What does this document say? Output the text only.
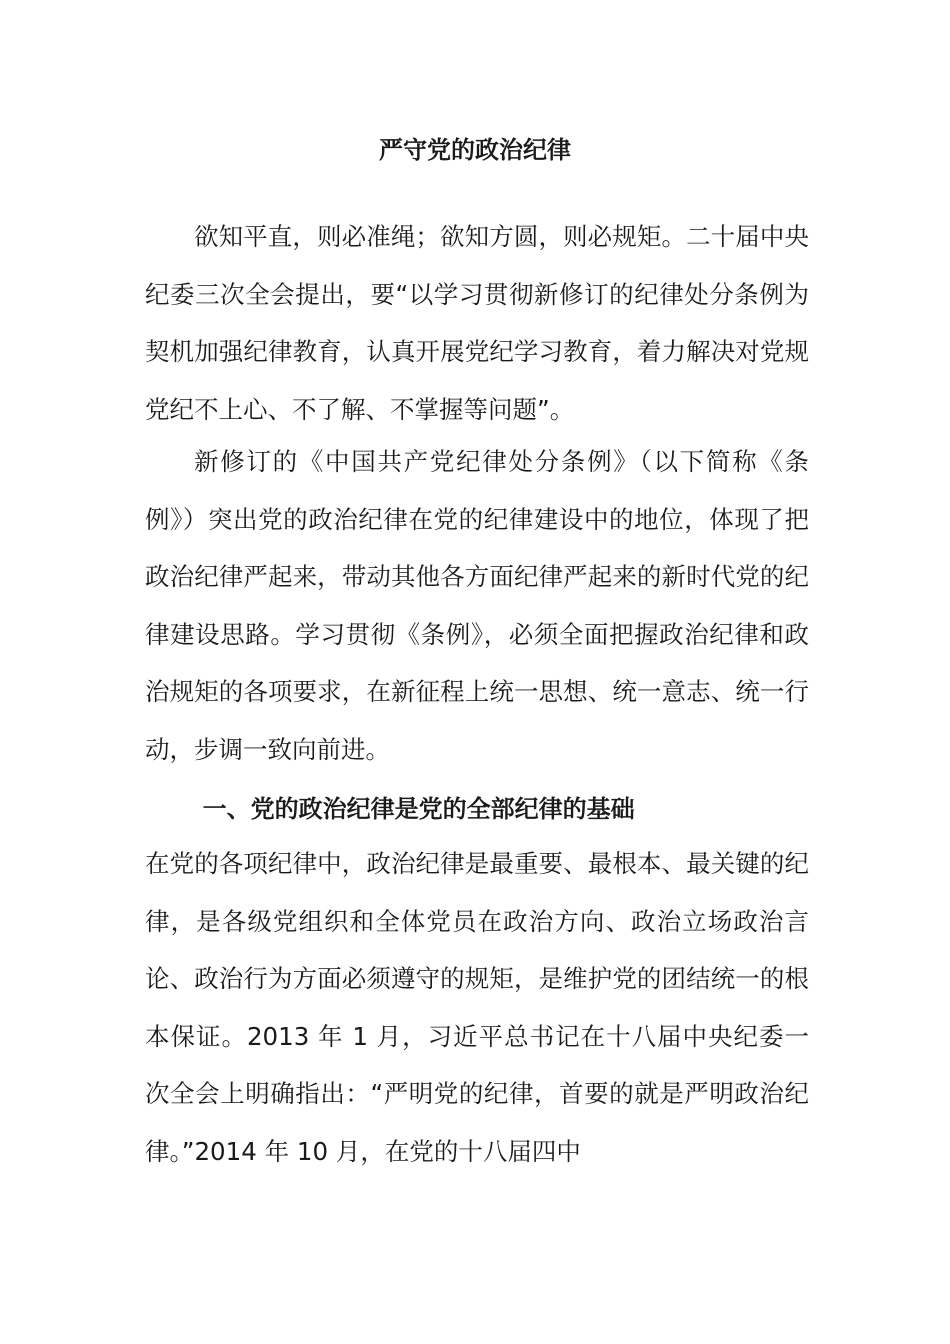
严守党的政治纪律

欲知平直，则必准绳；欲知方圆，则必规矩。二十届中央纪委三次全会提出，要“以学习贯彻新修订的纪律处分条例为契机加强纪律教育，认真开展党纪学习教育，着力解决对党规党纪不上心、不了解、不掌握等问题”。

新修订的《中国共产党纪律处分条例》（以下简称《条例》）突出党的政治纪律在党的纪律建设中的地位，体现了把政治纪律严起来，带动其他各方面纪律严起来的新时代党的纪律建设思路。学习贯彻《条例》，必须全面把握政治纪律和政治规矩的各项要求，在新征程上统一思想、统一意志、统一行动，步调一致向前进。

一、党的政治纪律是党的全部纪律的基础

在党的各项纪律中，政治纪律是最重要、最根本、最关键的纪律，是各级党组织和全体党员在政治方向、政治立场政治言论、政治行为方面必须遵守的规矩，是维护党的团结统一的根本保证。2013 年 1 月，习近平总书记在十八届中央纪委一次全会上明确指出：“严明党的纪律，首要的就是严明政治纪律。”2014 年 10 月，在党的十八届四中
